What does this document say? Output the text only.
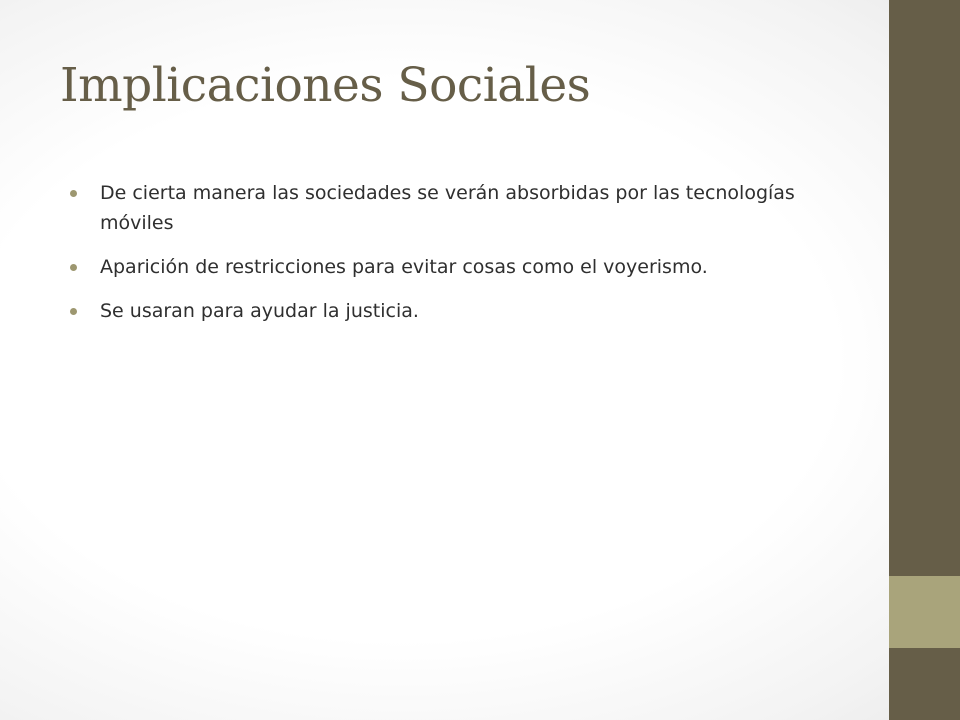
Implicaciones Sociales
De cierta manera las sociedades se verán absorbidas por las tecnologías móviles
Aparición de restricciones para evitar cosas como el voyerismo.
Se usaran para ayudar la justicia.
